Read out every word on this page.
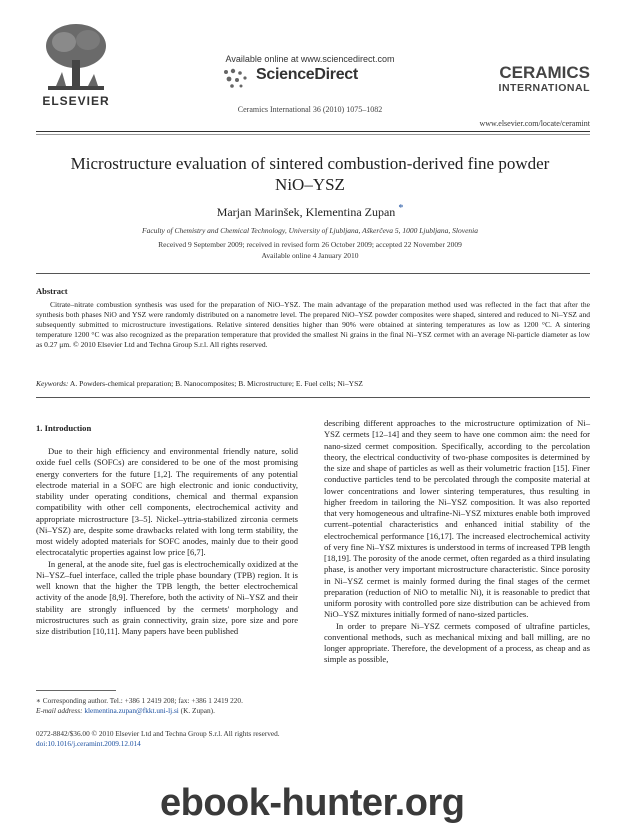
ELSEVIER
Available online at www.sciencedirect.com
ScienceDirect
Ceramics International 36 (2010) 1075–1082
CERAMICS
INTERNATIONAL
www.elsevier.com/locate/ceramint
Microstructure evaluation of sintered combustion-derived fine powder NiO–YSZ
Marjan Marinšek, Klementina Zupan *
Faculty of Chemistry and Chemical Technology, University of Ljubljana, Aškerčeva 5, 1000 Ljubljana, Slovenia
Received 9 September 2009; received in revised form 26 October 2009; accepted 22 November 2009
Available online 4 January 2010
Abstract
Citrate–nitrate combustion synthesis was used for the preparation of NiO–YSZ. The main advantage of the preparation method used was reflected in the fact that after the synthesis both phases NiO and YSZ were randomly distributed on a nanometre level. The prepared NiO–YSZ powder composites were shaped, sintered and reduced to Ni–YSZ and subsequently submitted to microstructure investigations. Relative sintered densities higher than 90% were obtained at sintering temperatures as low as 1200 °C. A sintering temperature 1200 °C was also recognized as the preparation temperature that provided the smallest Ni grains in the final Ni–YSZ cermet with an average Ni-particle diameter as low as 0.27 μm. © 2010 Elsevier Ltd and Techna Group S.r.l. All rights reserved.
Keywords: A. Powders-chemical preparation; B. Nanocomposites; B. Microstructure; E. Fuel cells; Ni–YSZ
1. Introduction

Due to their high efficiency and environmental friendly nature, solid oxide fuel cells (SOFCs) are considered to be one of the most promising energy converters for the future [1,2]. The requirements of any potential electrode material in a SOFC are high electronic and ionic conductivity, stability under operating conditions, chemical and thermal expansion compatibility with other cell components, electrochemical activity and appropriate microstructure [3–5]. Nickel–yttria-stabilized zirconia cermets (Ni–YSZ) are, despite some drawbacks related with long term stability, the most widely adopted materials for SOFC anodes, mainly due to their good electrocatalytic properties against low price [6,7].

In general, at the anode site, fuel gas is electrochemically oxidized at the Ni–YSZ–fuel interface, called the triple phase boundary (TPB) region. It is well known that the higher the TPB length, the better electrochemical activity of the anode [8,9]. Therefore, both the activity of Ni–YSZ and their stability are strongly influenced by the cermets' morphology and microstructures such as grain connectivity, grain size, pore size and pore size distribution [10,11]. Many papers have been published

describing different approaches to the microstructure optimization of Ni–YSZ cermets [12–14] and they seem to have one common aim: the need for nano-sized cermet composition. Specifically, according to the percolation theory, the electrical conductivity of two-phase composites is determined by the size and shape of particles as well as their volumetric fraction [15]. Finer conductive particles tend to be percolated through the composite material at lower concentrations and lower sintering temperatures, thus resulting in higher freedom in tailoring the Ni–YSZ composition. It was also reported that very homogeneous and ultrafine-Ni–YSZ mixtures enable both improved current–potential characteristics and enhanced initial stability of the electrochemical performance [16,17]. The increased electrochemical activity of very fine Ni–YSZ mixtures is understood in terms of increased TPB length [18,19]. The porosity of the anode cermet, often regarded as a third insulating phase, is another very important microstructure characteristic. Since porosity in Ni–YSZ cermet is mainly formed during the final stages of the cermet preparation (reduction of NiO to metallic Ni), it is reasonable to predict that uniform porosity with controlled pore size distribution can be achieved from NiO–YSZ mixtures initially formed of nano-sized particles.

In order to prepare Ni–YSZ cermets composed of ultrafine particles, conventional methods, such as mechanical mixing and ball milling, are no longer appropriate. Therefore, the development of a process, as cheap and as simple as possible,

∗ Corresponding author. Tel.: +386 1 2419 208; fax: +386 1 2419 220.
E-mail address: klementina.zupan@fkkt.uni-lj.si (K. Zupan).
0272-8842/$36.00 © 2010 Elsevier Ltd and Techna Group S.r.l. All rights reserved.
doi:10.1016/j.ceramint.2009.12.014
ebook-hunter.org
